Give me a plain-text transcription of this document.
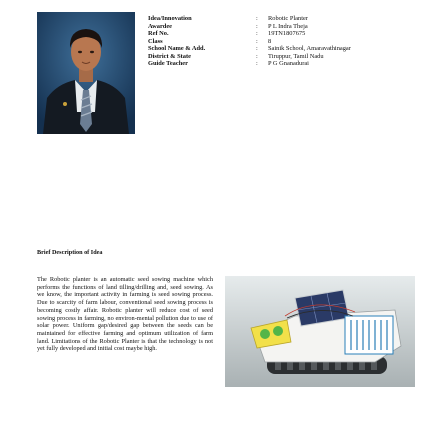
Idea/Innovation	:	Robotic Planter
Awardee	:	P L Indra Theja
Ref No.	:	19TN1807675
Class	:	8
School Name & Add.	:	Sainik School, Amaravathinagar
District & State	:	Tiruppur, Tamil Nadu
Guide Teacher	:	P G Gnanadurai
Brief Description of Idea
The Robotic planter is an automatic seed sowing machine which performs the functions of land tilling/drilling and, seed sowing. As we know, the important activity in farming is seed sowing process. Due to scarcity of farm labour, conventional seed sowing process is becoming costly affair. Robotic planter will reduce cost of seed sowing process in farming, no environ-mental pollution due to use of solar power. Uniform gap/desired gap between the seeds can be maintained for effective farming and optimum utilization of farm land. Limitations of the Robotic Planter is that the technology is not yet fully developed and initial cost maybe high.
